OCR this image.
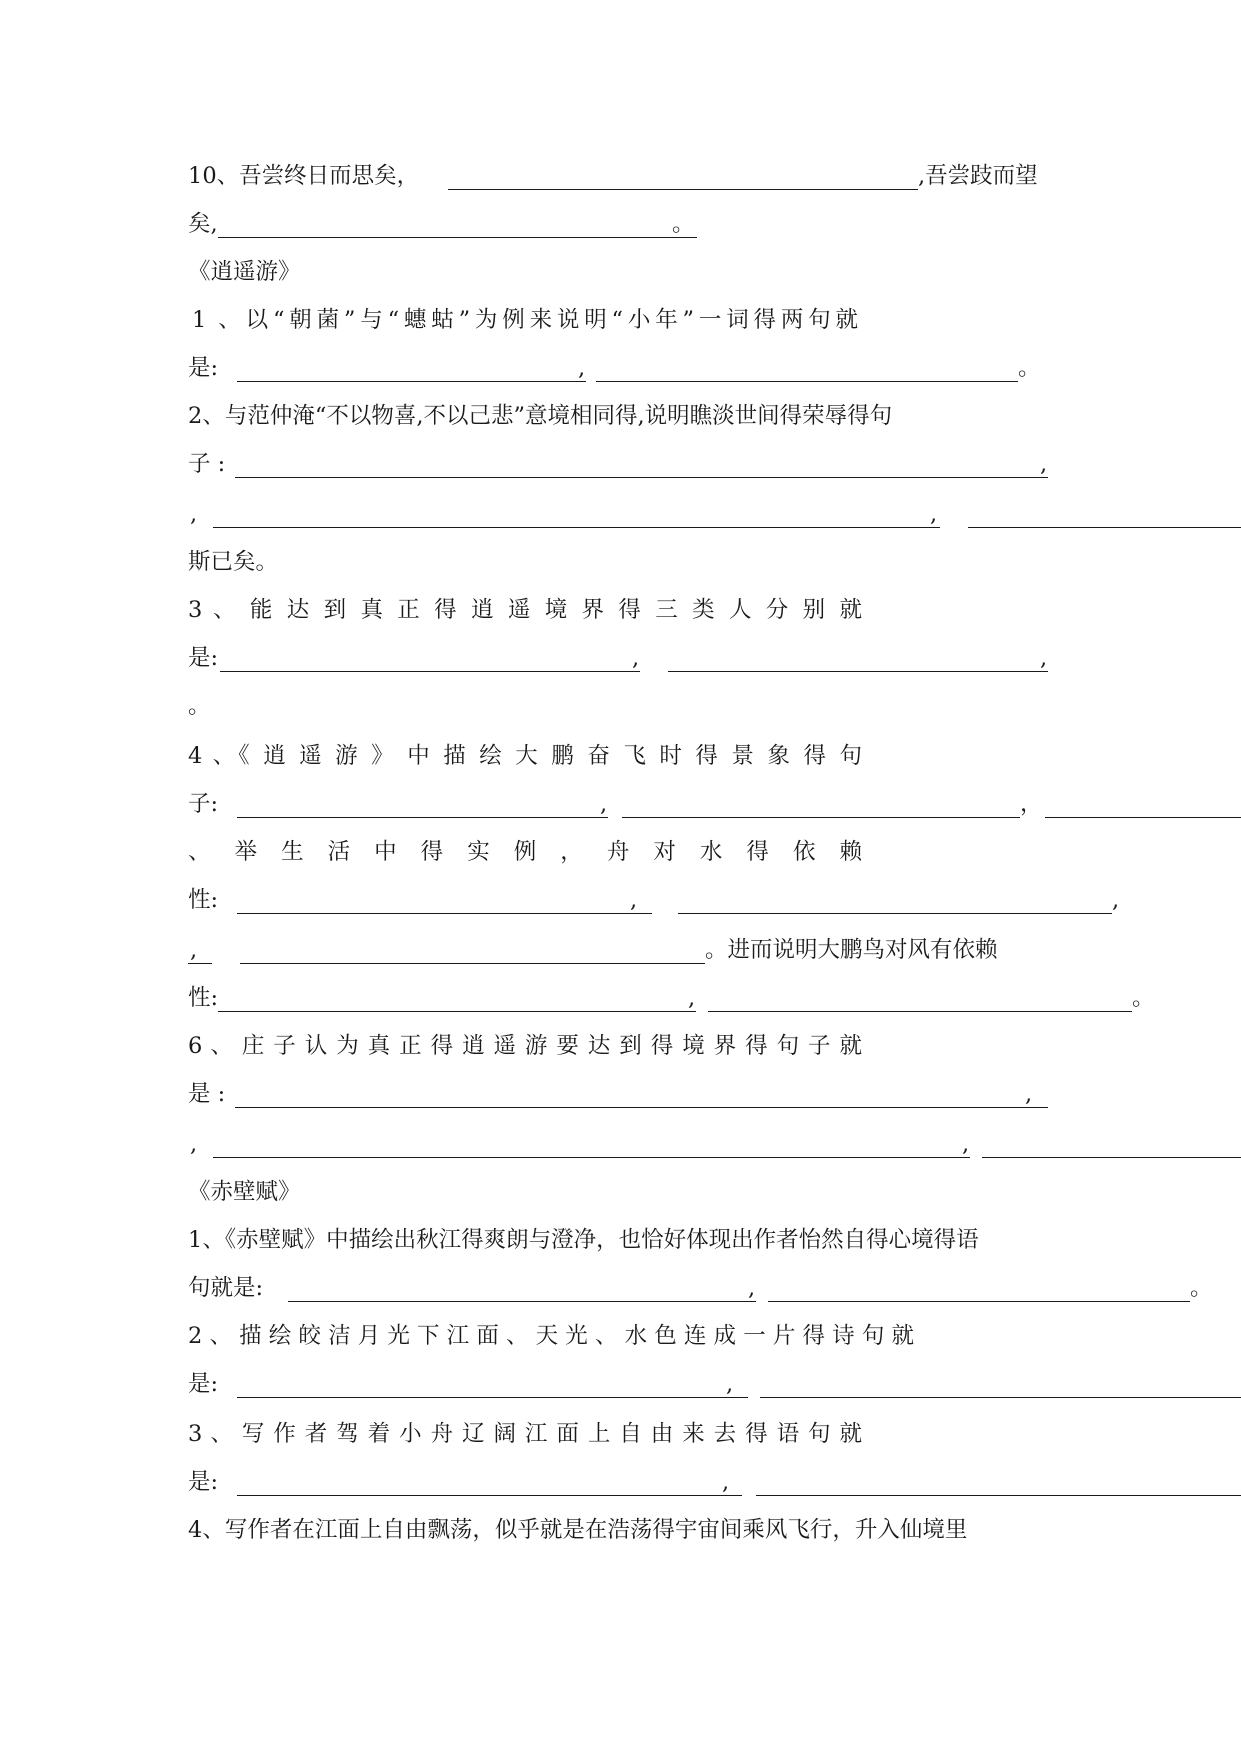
10、吾尝终日而思矣，	,吾尝跂而望
矣,	。
《逍遥游》
1 、以“朝菌”与“蟪蛄”为例来说明“小年”一词得两句就
是:	,	。
2、与范仲淹“不以物喜,不以己悲”意境相同得,说明瞧淡世间得荣辱得句
子 :	,
,	,
斯已矣。
3 、 能 达 到 真 正 得 逍 遥 境 界 得 三 类 人 分 别 就
是:	,	,
。
4 、《 逍 遥 游 》 中 描 绘 大 鹏 奋 飞 时 得 景 象 得 句
子:	,	，
、 举 生 活 中 得 实 例 ， 舟 对 水 得 依 赖
性:	,	,
,	。进而说明大鹏鸟对风有依赖
性:	,	。
6 、 庄 子 认 为 真 正 得 逍 遥 游 要 达 到 得 境 界 得 句 子 就
是 :	,
,	,
《赤壁赋》
1、《赤壁赋》中描绘出秋江得爽朗与澄净，也恰好体现出作者怡然自得心境得语
句就是:	,	。
2 、 描 绘 皎 洁 月 光 下 江 面 、 天 光 、 水 色 连 成 一 片 得 诗 句 就
是:	,
3 、 写 作 者 驾 着 小 舟 辽 阔 江 面 上 自 由 来 去 得 语 句 就
是:	,
4、写作者在江面上自由飘荡，似乎就是在浩荡得宇宙间乘风飞行，升入仙境里
